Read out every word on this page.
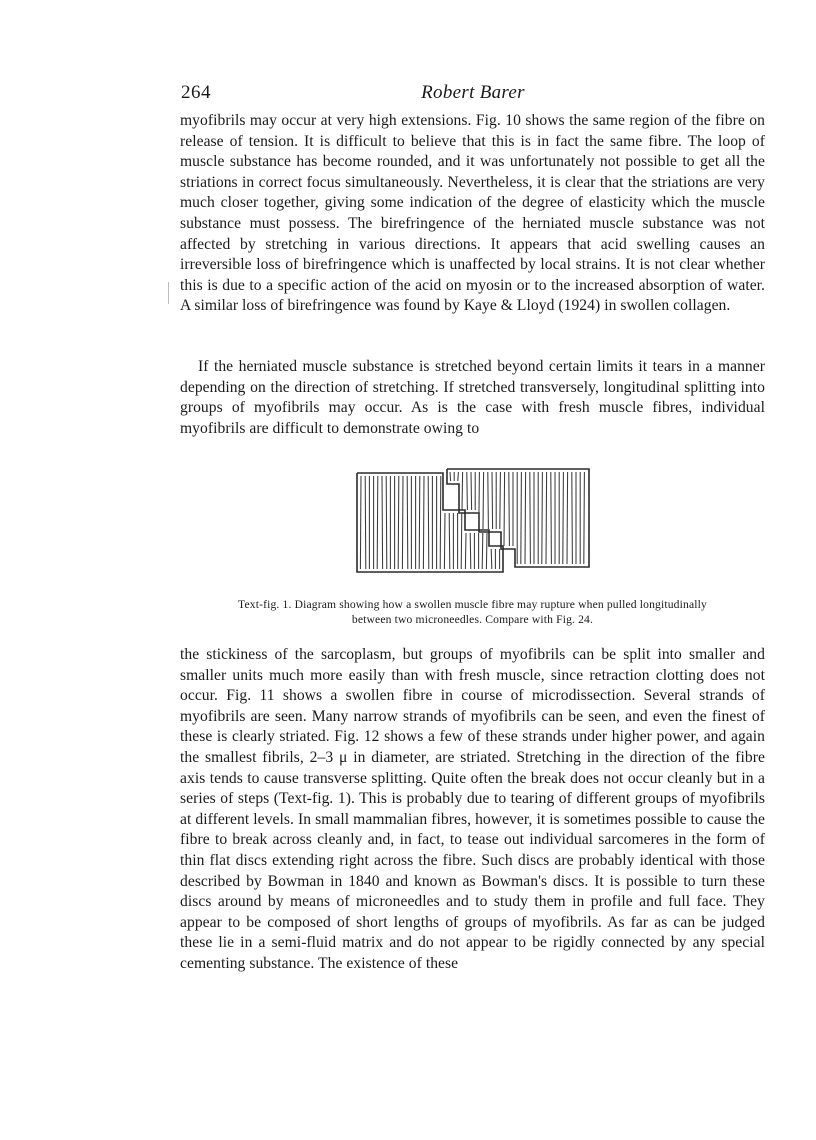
264	Robert Barer

myofibrils may occur at very high extensions. Fig. 10 shows the same region of the fibre on release of tension. It is difficult to believe that this is in fact the same fibre. The loop of muscle substance has become rounded, and it was unfortunately not possible to get all the striations in correct focus simultaneously. Nevertheless, it is clear that the striations are very much closer together, giving some indication of the degree of elasticity which the muscle substance must possess. The birefringence of the herniated muscle substance was not affected by stretching in various directions. It appears that acid swelling causes an irreversible loss of birefringence which is unaffected by local strains. It is not clear whether this is due to a specific action of the acid on myosin or to the increased absorption of water. A similar loss of birefringence was found by Kaye & Lloyd (1924) in swollen collagen.

If the herniated muscle substance is stretched beyond certain limits it tears in a manner depending on the direction of stretching. If stretched transversely, longitudinal splitting into groups of myofibrils may occur. As is the case with fresh muscle fibres, individual myofibrils are difficult to demonstrate owing to

Text-fig. 1. Diagram showing how a swollen muscle fibre may rupture when pulled longitudinally
between two microneedles. Compare with Fig. 24.

the stickiness of the sarcoplasm, but groups of myofibrils can be split into smaller and smaller units much more easily than with fresh muscle, since retraction clotting does not occur. Fig. 11 shows a swollen fibre in course of microdissection. Several strands of myofibrils are seen. Many narrow strands of myofibrils can be seen, and even the finest of these is clearly striated. Fig. 12 shows a few of these strands under higher power, and again the smallest fibrils, 2–3 μ in diameter, are striated. Stretching in the direction of the fibre axis tends to cause transverse splitting. Quite often the break does not occur cleanly but in a series of steps (Text-fig. 1). This is probably due to tearing of different groups of myofibrils at different levels. In small mammalian fibres, however, it is sometimes possible to cause the fibre to break across cleanly and, in fact, to tease out individual sarcomeres in the form of thin flat discs extending right across the fibre. Such discs are probably identical with those described by Bowman in 1840 and known as Bowman's discs. It is possible to turn these discs around by means of microneedles and to study them in profile and full face. They appear to be composed of short lengths of groups of myofibrils. As far as can be judged these lie in a semi-fluid matrix and do not appear to be rigidly connected by any special cementing substance. The existence of these
